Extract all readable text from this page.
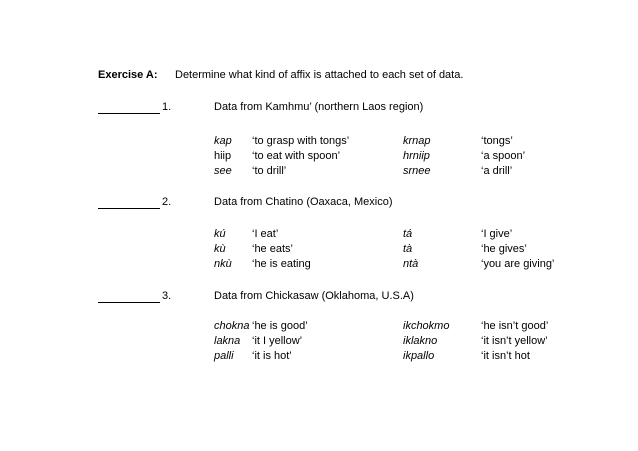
Exercise A: Determine what kind of affix is attached to each set of data.
1.	Data from Kamhmu’ (northern Laos region)
kap ‘to grasp with tongs’	krnap	‘tongs’
hiip ‘to eat with spoon’	hrniip	‘a spoon’
see ‘to drill’	srnee	‘a drill’
2.	Data from Chatino (Oaxaca, Mexico)
kú ‘I eat’	tá	‘I give’
kù ‘he eats’	tà	‘he gives’
nkù ‘he is eating	ntà	‘you are giving’
3.	Data from Chickasaw (Oklahoma, U.S.A)
chokna ‘he is good’	ikchokmo	‘he isn’t good’
lakna ‘it I yellow’	iklakno	‘it isn’t yellow’
palli ‘it is hot’	ikpallo	‘it isn’t hot
